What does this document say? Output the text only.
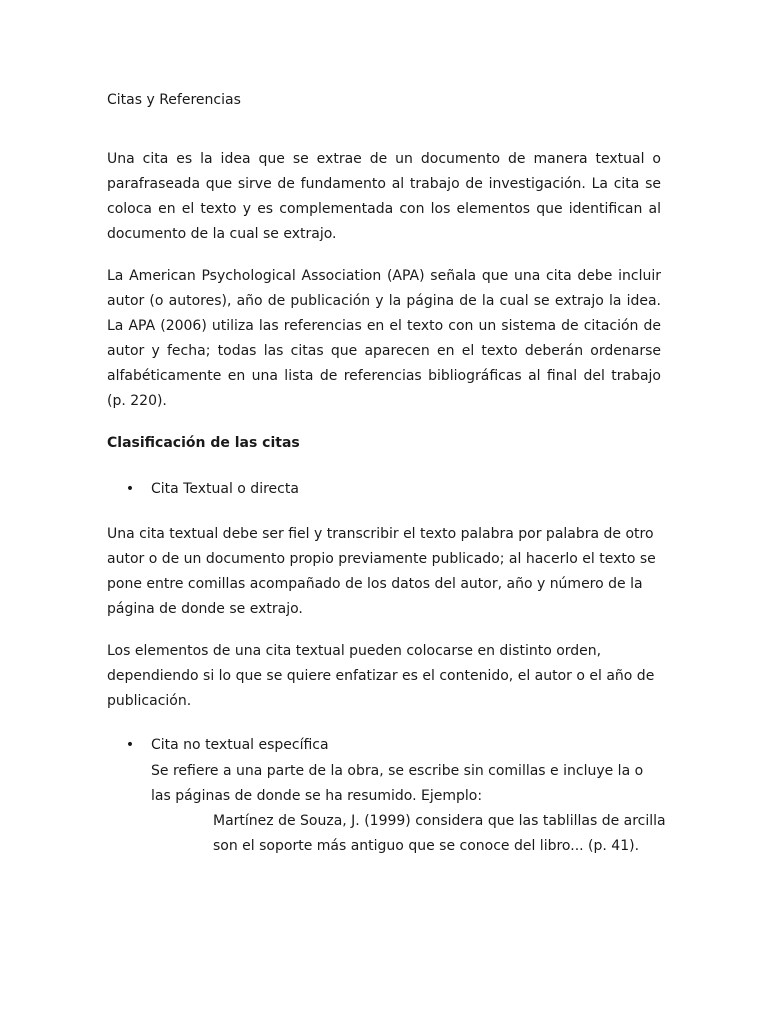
Citas y Referencias
Una cita es la idea que se extrae de un documento de manera textual o parafraseada que sirve de fundamento al trabajo de investigación. La cita se coloca en el texto y es complementada con los elementos que identifican al documento de la cual se extrajo.
La American Psychological Association (APA) señala que una cita debe incluir autor (o autores), año de publicación y la página de la cual se extrajo la idea. La APA (2006) utiliza las referencias en el texto con un sistema de citación de autor y fecha; todas las citas que aparecen en el texto deberán ordenarse alfabéticamente en una lista de referencias bibliográficas al final del trabajo (p. 220).
Clasificación de las citas
• Cita Textual o directa
Una cita textual debe ser fiel y transcribir el texto palabra por palabra de otro autor o de un documento propio previamente publicado; al hacerlo el texto se pone entre comillas acompañado de los datos del autor, año y número de la página de donde se extrajo.
Los elementos de una cita textual pueden colocarse en distinto orden, dependiendo si lo que se quiere enfatizar es el contenido, el autor o el año de publicación.
• Cita no textual específica
Se refiere a una parte de la obra, se escribe sin comillas e incluye la o las páginas de donde se ha resumido. Ejemplo:
Martínez de Souza, J. (1999) considera que las tablillas de arcilla son el soporte más antiguo que se conoce del libro... (p. 41).
